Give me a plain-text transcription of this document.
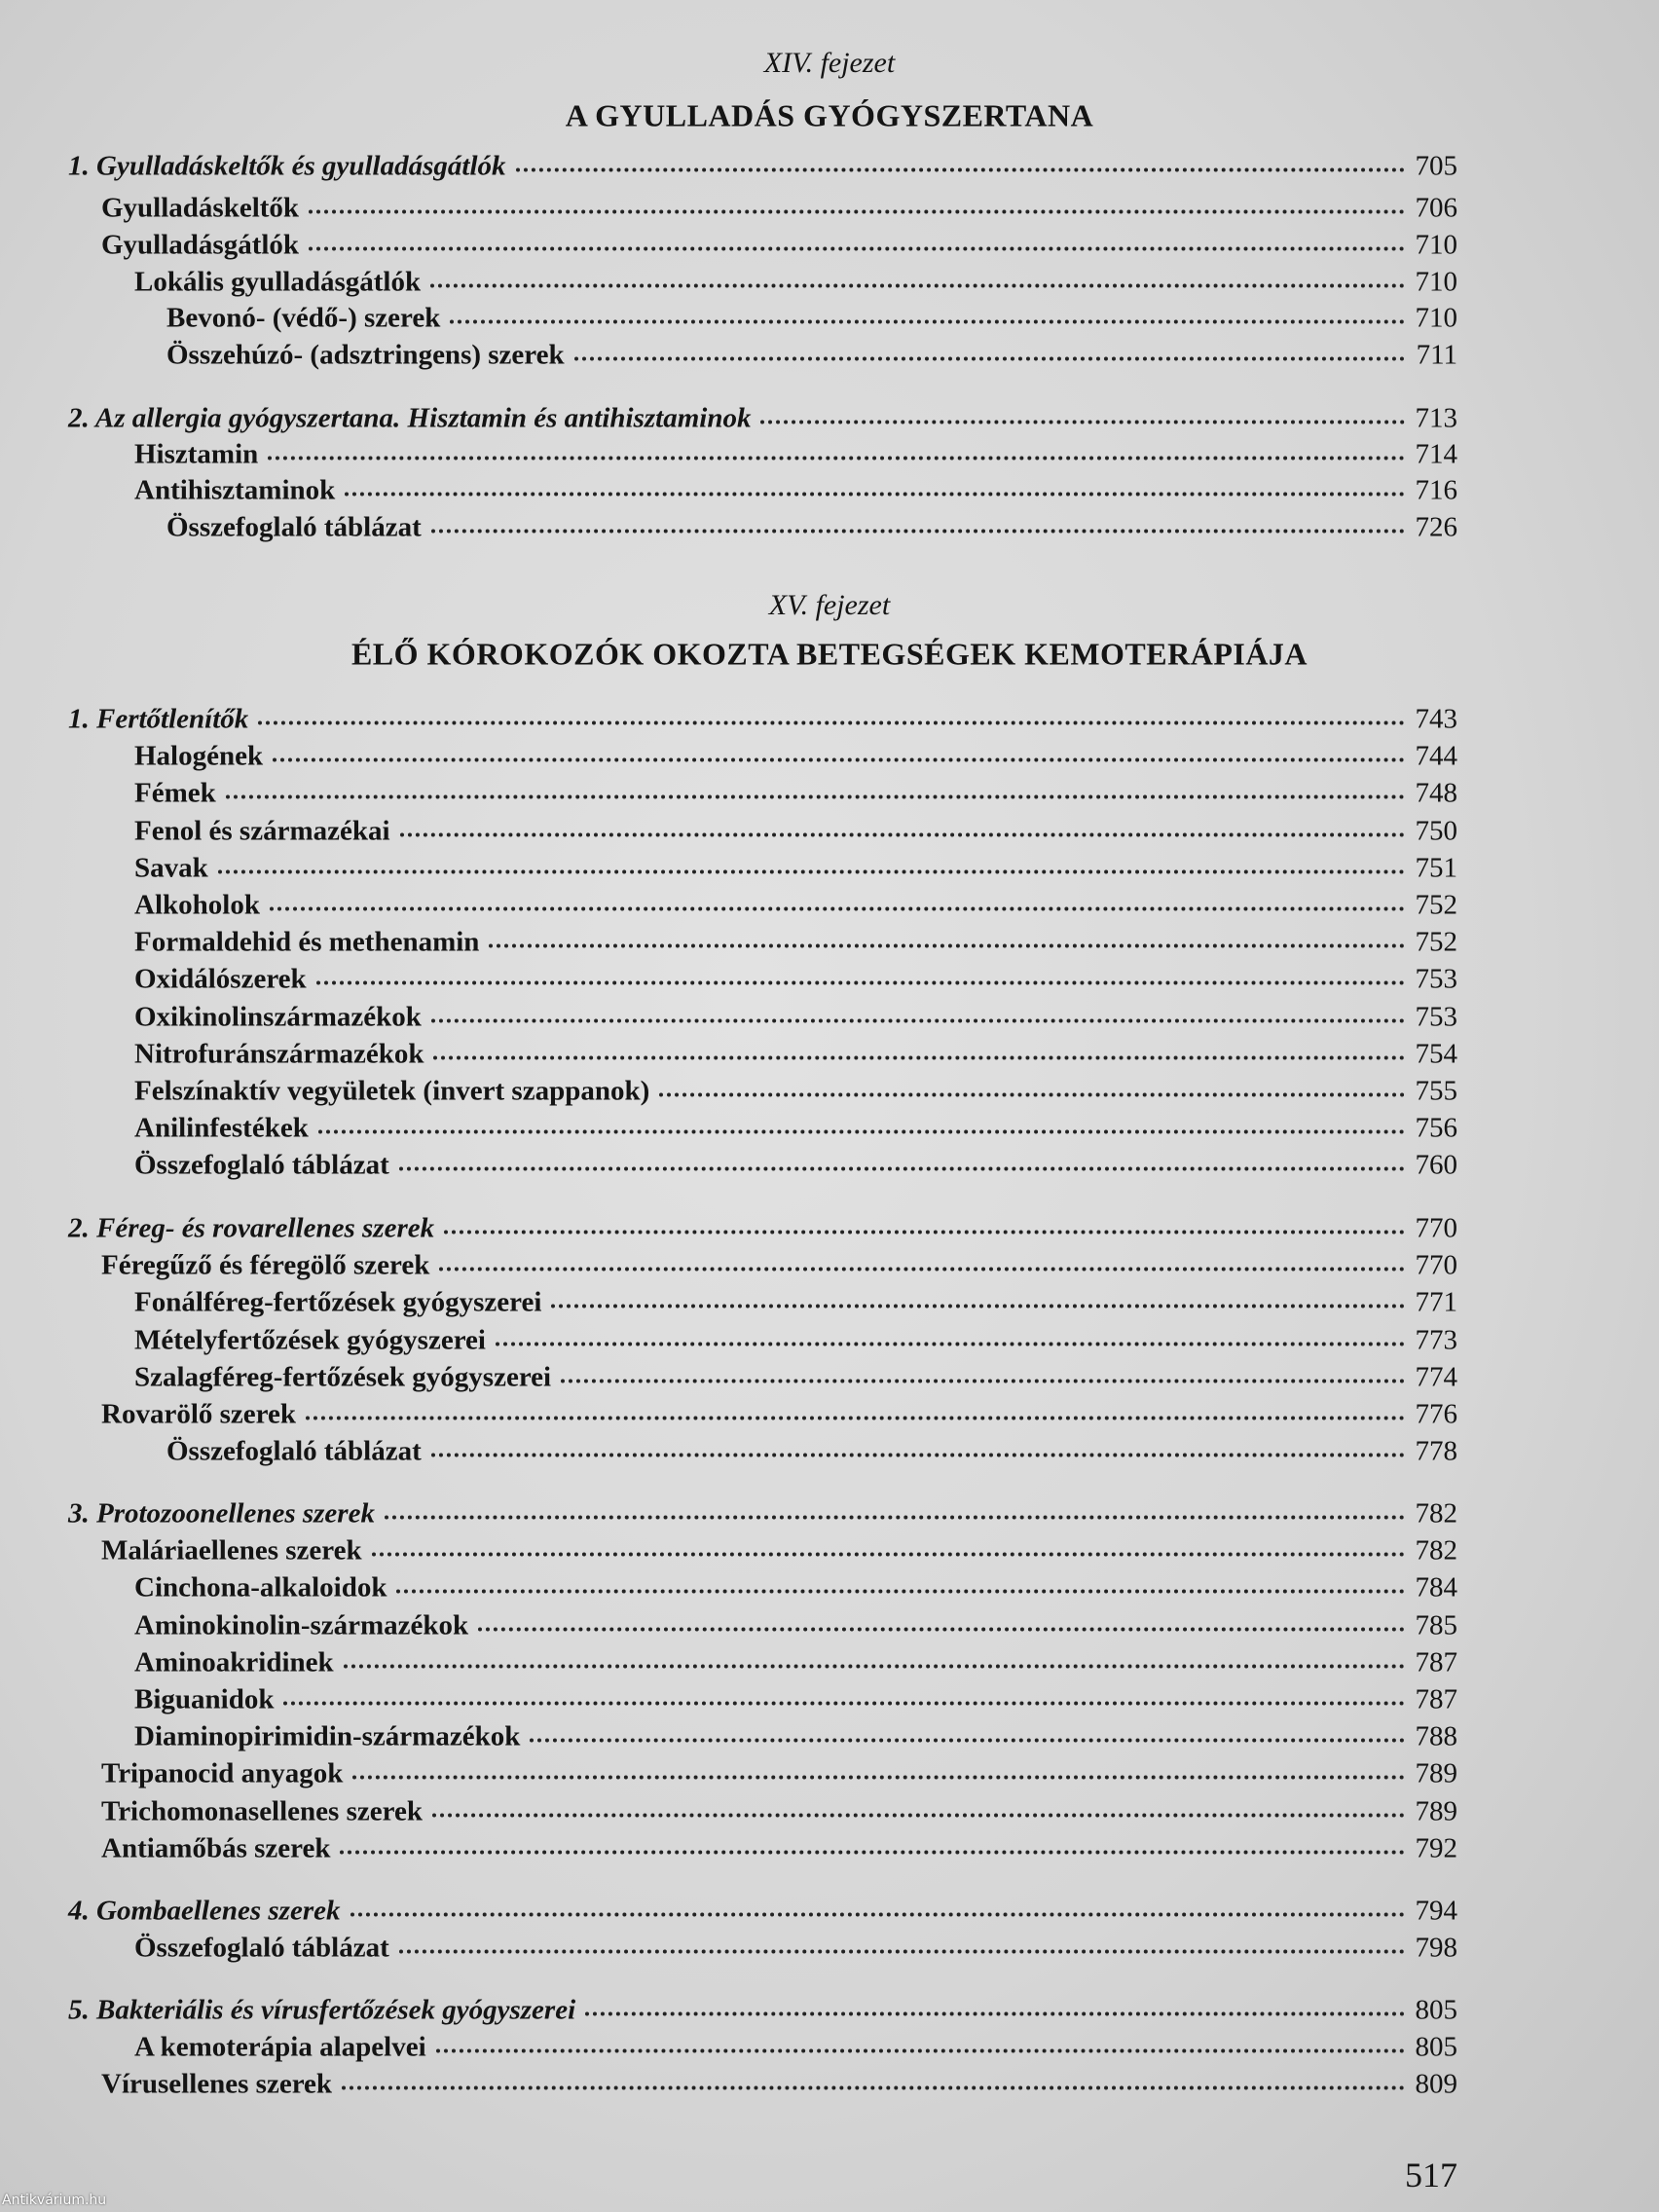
XIV. fejezet
A GYULLADÁS GYÓGYSZERTANA
1. Gyulladáskeltők és gyulladásgátlók	705
Gyulladáskeltők	706
Gyulladásgátlók	710
Lokális gyulladásgátlók	710
Bevonó- (védő-) szerek	710
Összehúzó- (adsztringens) szerek	711
2. Az allergia gyógyszertana. Hisztamin és antihisztaminok	713
Hisztamin	714
Antihisztaminok	716
Összefoglaló táblázat	726
XV. fejezet
ÉLŐ KÓROKOZÓK OKOZTA BETEGSÉGEK KEMOTERÁPIÁJA
1. Fertőtlenítők	743
Halogének	744
Fémek	748
Fenol és származékai	750
Savak	751
Alkoholok	752
Formaldehid és methenamin	752
Oxidálószerek	753
Oxikinolinszármazékok	753
Nitrofuránszármazékok	754
Felszínaktív vegyületek (invert szappanok)	755
Anilinfestékek	756
Összefoglaló táblázat	760
2. Féreg- és rovarellenes szerek	770
Féregűző és féregölő szerek	770
Fonálféreg-fertőzések gyógyszerei	771
Mételyfertőzések gyógyszerei	773
Szalagféreg-fertőzések gyógyszerei	774
Rovarölő szerek	776
Összefoglaló táblázat	778
3. Protozoonellenes szerek	782
Maláriaellenes szerek	782
Cinchona-alkaloidok	784
Aminokinolin-származékok	785
Aminoakridinek	787
Biguanidok	787
Diaminopirimidin-származékok	788
Tripanocid anyagok	789
Trichomonasellenes szerek	789
Antiamőbás szerek	792
4. Gombaellenes szerek	794
Összefoglaló táblázat	798
5. Bakteriális és vírusfertőzések gyógyszerei	805
A kemoterápia alapelvei	805
Vírusellenes szerek	809
517
Antikvárium.hu
